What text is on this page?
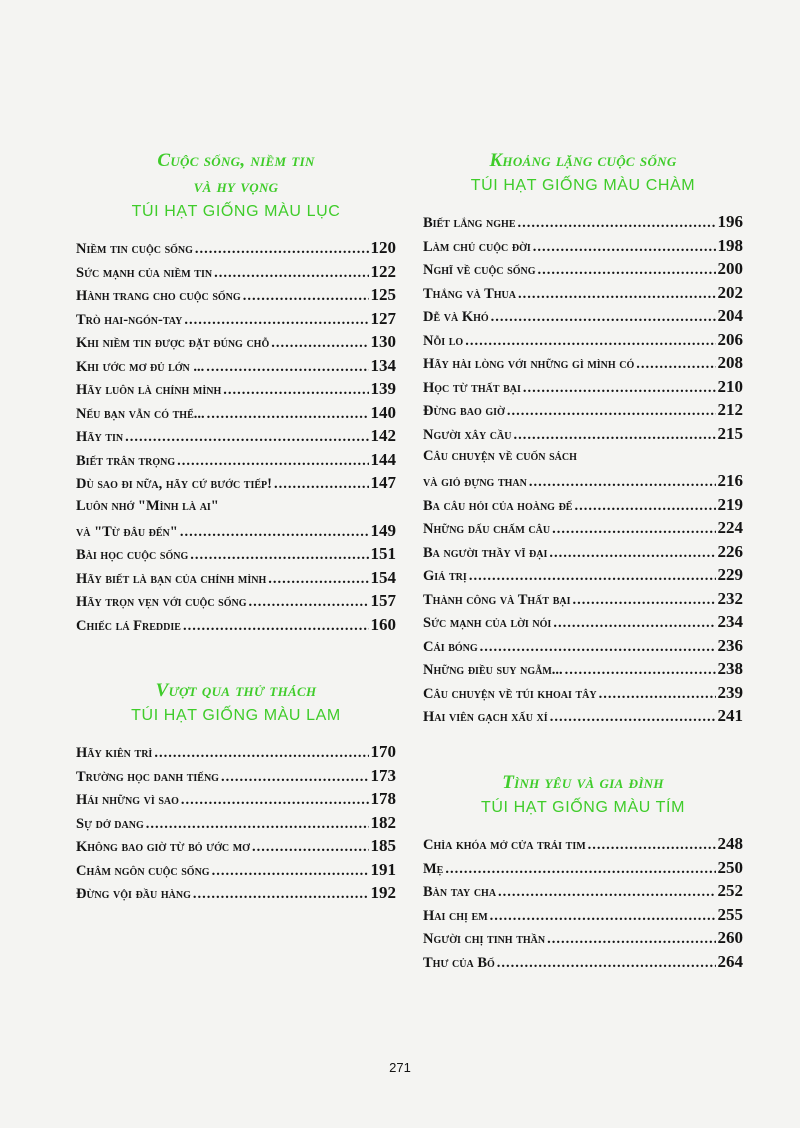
Cuộc sống, niềm tin
và hy vọng
TÚI HẠT GIỐNG MÀU LỤC
Niềm tin cuộc sống .....	120
Sức mạnh của niềm tin .....	122
Hành trang cho cuộc sống .....	125
Trò hai-ngón-tay .....	127
Khi niềm tin được đặt đúng chỗ .....	130
Khi ước mơ đủ lớn ... .....	134
Hãy luôn là chính mình .....	139
Nếu bạn vẫn có thể... .....	140
Hãy tin .....	142
Biết trân trọng .....	144
Dù sao đi nữa, hãy cứ bước tiếp! .....	147
Luôn nhớ "Mình là ai"
và "Từ đâu đến" .....	149
Bài học cuộc sống .....	151
Hãy biết là bạn của chính mình .....	154
Hãy trọn vẹn với cuộc sống .....	157
Chiếc lá Freddie .....	160
Vượt qua thử thách
TÚI HẠT GIỐNG MÀU LAM
Hãy kiên trì .....	170
Trường học danh tiếng .....	173
Hái những vì sao .....	178
Sự dở dang .....	182
Không bao giờ từ bỏ ước mơ .....	185
Châm ngôn cuộc sống .....	191
Đừng vội đầu hàng .....	192
Khoảng lặng cuộc sống
TÚI HẠT GIỐNG MÀU CHÀM
Biết lắng nghe .....	196
Làm chủ cuộc đời .....	198
Nghĩ về cuộc sống .....	200
Thắng và Thua .....	202
Dễ và Khó .....	204
Nỗi lo .....	206
Hãy hài lòng với những gì mình có .....	208
Học từ thất bại .....	210
Đừng bao giờ .....	212
Người xây cầu .....	215
Câu chuyện về cuốn sách
và giỏ đựng than .....	216
Ba câu hỏi của hoàng đế .....	219
Những dấu chấm câu .....	224
Ba người thầy vĩ đại .....	226
Giá trị .....	229
Thành công và Thất bại .....	232
Sức mạnh của lời nói .....	234
Cái bóng .....	236
Những điều suy ngẫm... .....	238
Câu chuyện về túi khoai tây .....	239
Hai viên gạch xấu xí .....	241
Tình yêu và gia đình
TÚI HẠT GIỐNG MÀU TÍM
Chìa khóa mở cửa trái tim .....	248
Mẹ .....	250
Bàn tay cha .....	252
Hai chị em .....	255
Người chị tinh thần .....	260
Thư của Bố .....	264
271
